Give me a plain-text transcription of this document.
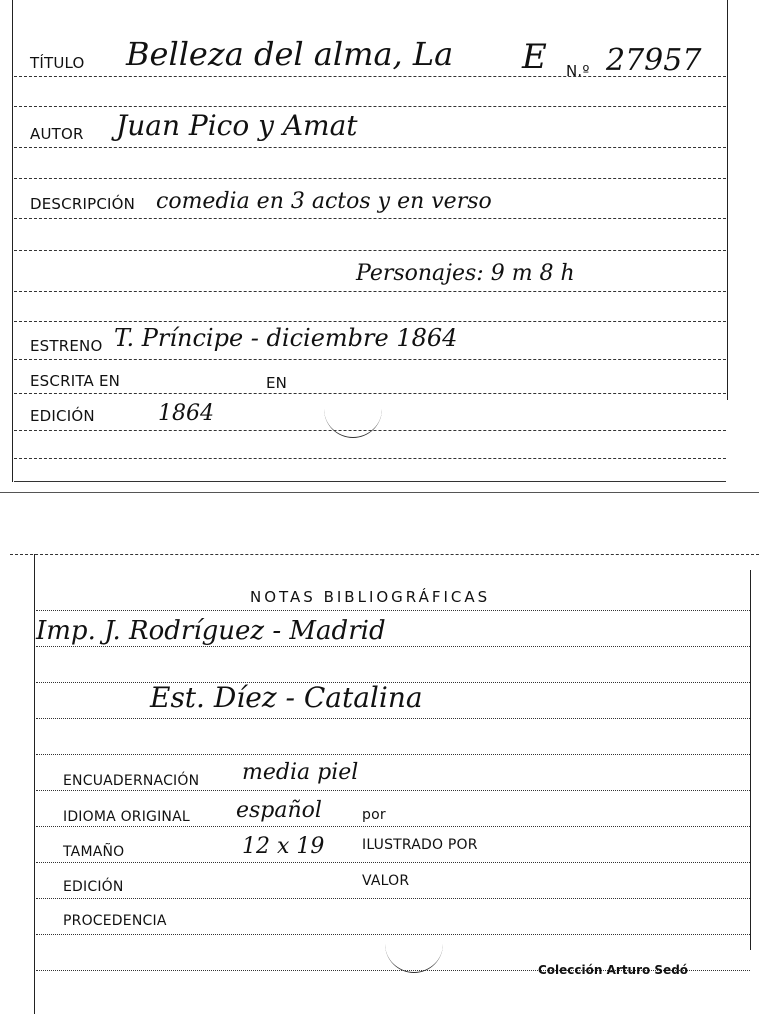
TÍTULO Belleza del alma, La E N.º 27957
AUTOR Juan Pico y Amat
DESCRIPCIÓN comedia en 3 actos y en verso
Personajes: 9 m 8 h
ESTRENO T. Príncipe - diciembre 1864
ESCRITA EN	EN
EDICIÓN	1864
NOTAS BIBLIOGRÁFICAS
Imp. J. Rodríguez - Madrid
Est. Díez - Catalina
ENCUADERNACIÓN media piel
IDIOMA ORIGINAL español	por
TAMAÑO	12 x 19	ILUSTRADO POR
EDICIÓN	VALOR
PROCEDENCIA
Colección Arturo Sedó
